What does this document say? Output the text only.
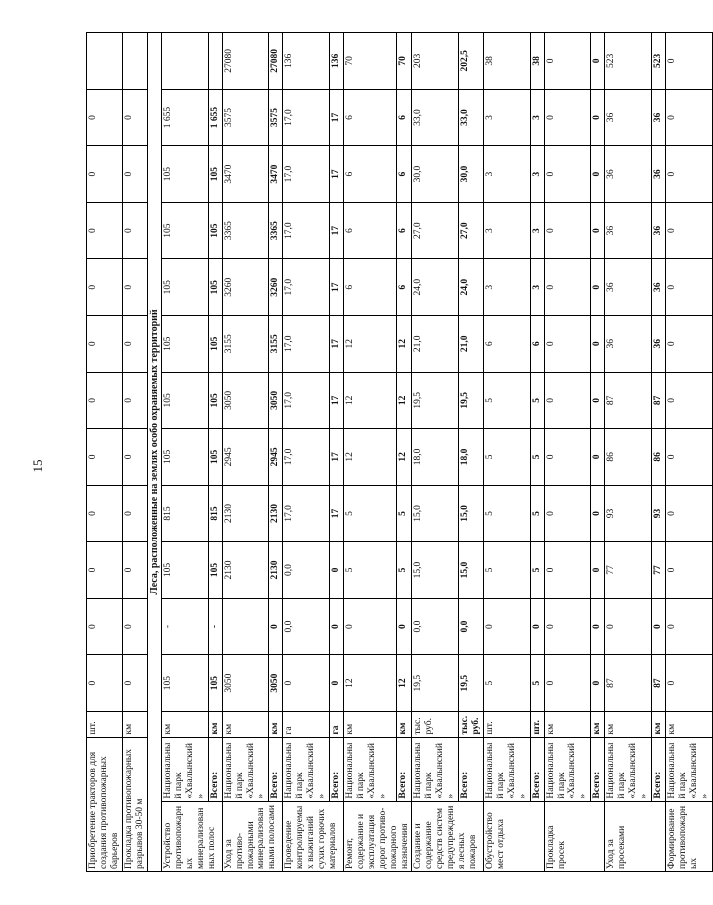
15
Приобретение тракторов для создания противопожарных барьеров		шт.	0	0	0	0	0	0	0	0	0	0	0	
Прокладка противопожарных разрывов 30-50 м		км	0	0	0	0	0	0	0	0	0	0	0	
Леса, расположенные на землях особо охраняемых территорий														
Устройство противопожарных минерализованных полос	Национальный парк «Хвалынский»	км	105	-	105	815	105	105	105	105	105	105	1 655	
	Всего:	км	105	-	105	815	105	105	105	105	105	105	1 655	
Уход за противо-пожарными минерализованными полосами	Национальный парк «Хвалынский»	км	3050		2130	2130	2945	3050	3155	3260	3365	3470	3575	27080
	Всего:	км	3050	0	2130	2130	2945	3050	3155	3260	3365	3470	3575	27080
Проведение контролируемых выжиганий сухих горючих материалов	Национальный парк «Хвалынский»	га	0	0,0	0,0	17,0	17,0	17,0	17,0	17,0	17,0	17,0	17,0	136
	Всего:	га	0	0	0	17	17	17	17	17	17	17	17	136
Ремонт, содержание и эксплуатация дорог противо-пожарного назначения	Национальный парк «Хвалынский»	км	12	0	5	5	12	12	12	6	6	6	6	70
	Всего:	км	12	0	5	5	12	12	12	6	6	6	6	70
Создание и содержание средств систем предупреждения лесных пожаров	Национальный парк «Хвалынский»	тыс. руб.	19,5	0,0	15,0	15,0	18,0	19,5	21,0	24,0	27,0	30,0	33,0	203
	Всего:	тыс. руб.	19,5	0,0	15,0	15,0	18,0	19,5	21,0	24,0	27,0	30,0	33,0	202,5
Обустройство мест отдыха	Национальный парк «Хвалынский»	шт.	5	0	5	5	5	5	6	3	3	3	3	38
	Всего:	шт.	5	0	5	5	5	5	6	3	3	3	3	38
Прокладка просек	Национальный парк «Хвалынский»	км	0	0	0	0	0	0	0	0	0	0	0	0
	Всего:	км	0	0	0	0	0	0	0	0	0	0	0	0
Уход за просеками	Национальный парк «Хвалынский»	км	87	0	77	93	86	87	36	36	36	36	36	523
	Всего:	км	87	0	77	93	86	87	36	36	36	36	36	523
Формирование противопожарных	Национальный парк «Хвалынский»	км	0	0	0	0	0	0	0	0	0	0	0	0
